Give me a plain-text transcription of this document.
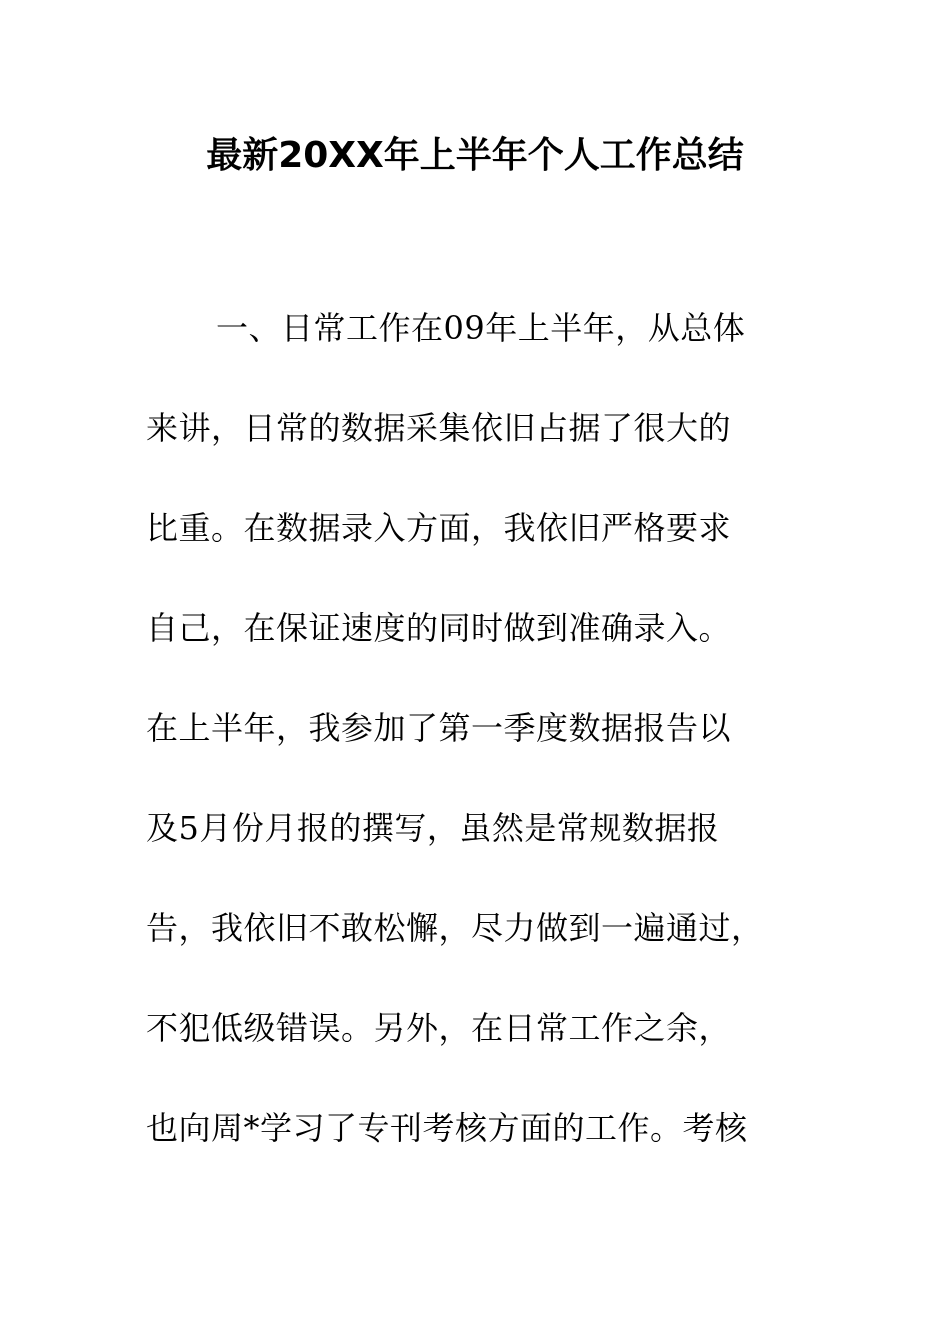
最新20XX年上半年个人工作总结
一、日常工作在09年上半年，从总体
来讲，日常的数据采集依旧占据了很大的
比重。在数据录入方面，我依旧严格要求
自己，在保证速度的同时做到准确录入。
在上半年，我参加了第一季度数据报告以
及5月份月报的撰写，虽然是常规数据报
告，我依旧不敢松懈，尽力做到一遍通过，
不犯低级错误。另外，在日常工作之余，
也向周*学习了专刊考核方面的工作。考核
